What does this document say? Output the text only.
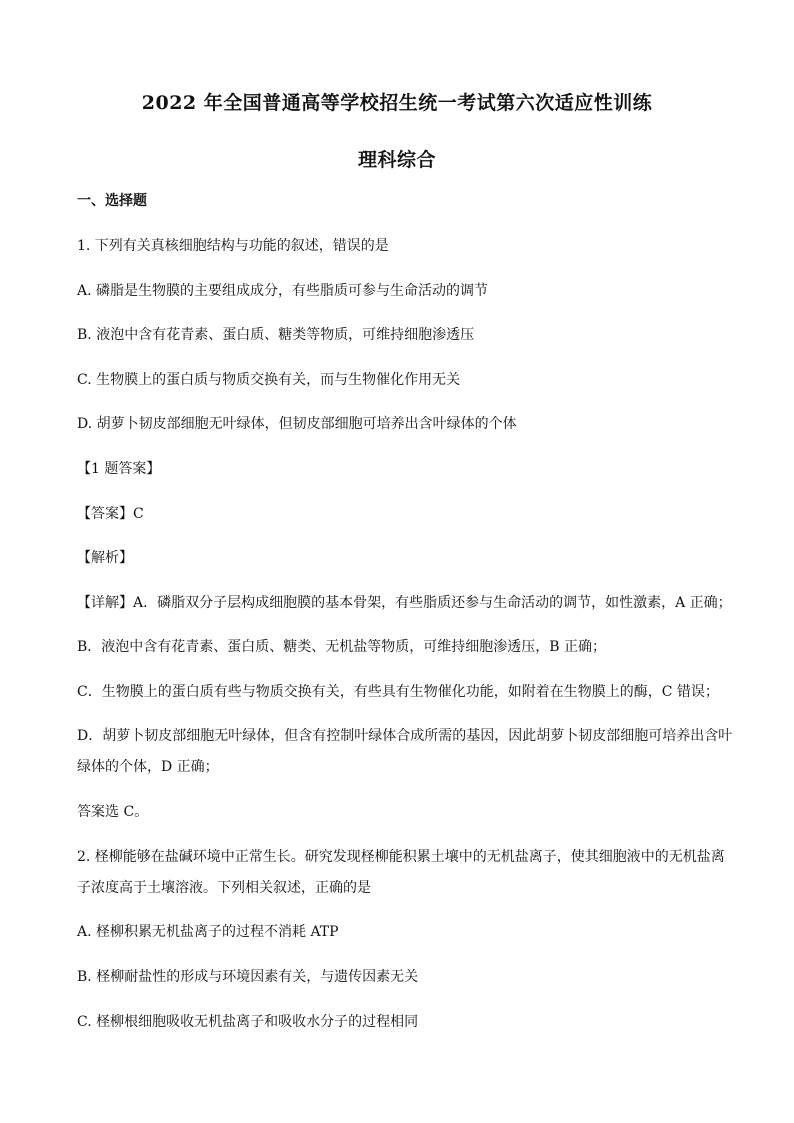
2022 年全国普通高等学校招生统一考试第六次适应性训练
理科综合
一、选择题
1. 下列有关真核细胞结构与功能的叙述，错误的是
A. 磷脂是生物膜的主要组成成分，有些脂质可参与生命活动的调节
B. 液泡中含有花青素、蛋白质、糖类等物质，可维持细胞渗透压
C. 生物膜上的蛋白质与物质交换有关，而与生物催化作用无关
D. 胡萝卜韧皮部细胞无叶绿体，但韧皮部细胞可培养出含叶绿体的个体
【1 题答案】
【答案】C
【解析】
【详解】A．磷脂双分子层构成细胞膜的基本骨架，有些脂质还参与生命活动的调节，如性激素，A 正确；
B．液泡中含有花青素、蛋白质、糖类、无机盐等物质，可维持细胞渗透压，B 正确；
C．生物膜上的蛋白质有些与物质交换有关，有些具有生物催化功能，如附着在生物膜上的酶，C 错误；
D．胡萝卜韧皮部细胞无叶绿体，但含有控制叶绿体合成所需的基因，因此胡萝卜韧皮部细胞可培养出含叶
绿体的个体，D 正确；
答案选 C。
2. 柽柳能够在盐碱环境中正常生长。研究发现柽柳能积累土壤中的无机盐离子，使其细胞液中的无机盐离
子浓度高于土壤溶液。下列相关叙述，正确的是
A. 柽柳积累无机盐离子的过程不消耗 ATP
B. 柽柳耐盐性的形成与环境因素有关，与遗传因素无关
C. 柽柳根细胞吸收无机盐离子和吸收水分子的过程相同
